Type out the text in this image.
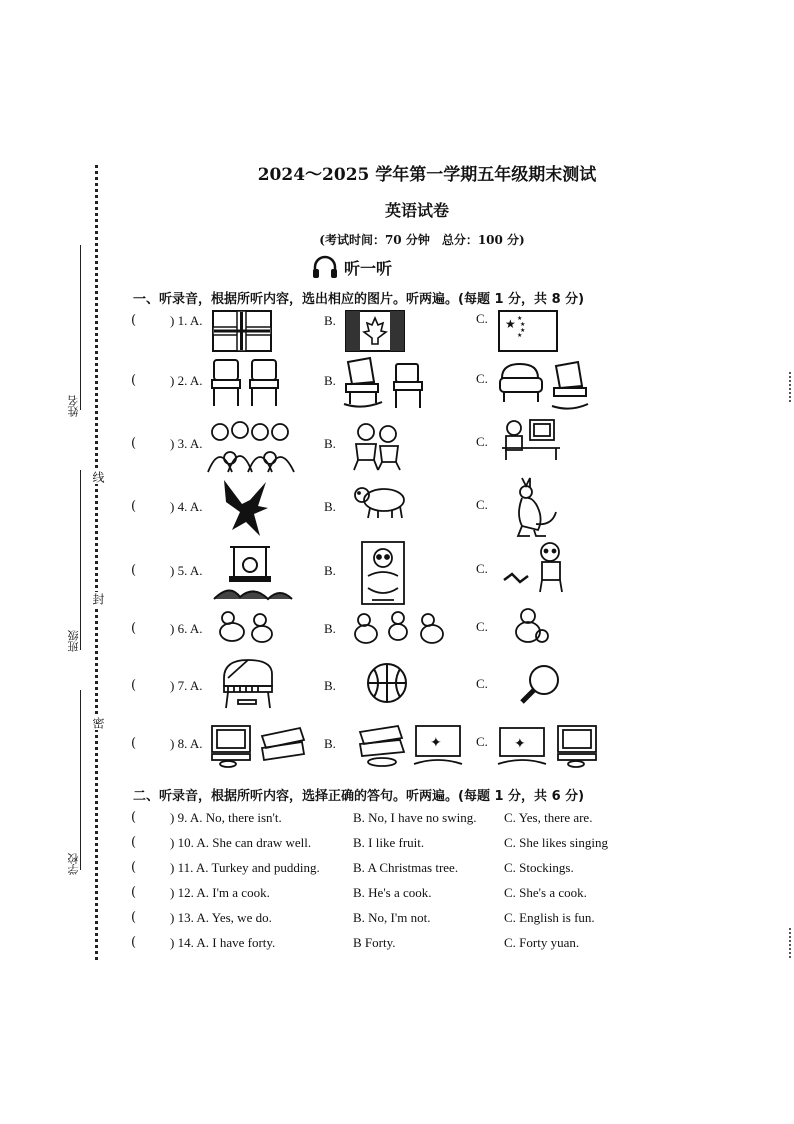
姓名
班级
学校
线
封
密
2024～2025 学年第一学期五年级期末测试
英语试卷
(考试时间：70 分钟　总分：100 分)
听一听
一、听录音，根据所听内容，选出相应的图片。听两遍。(每题 1 分，共 8 分)
(	) 1. A.	B.	C. ★ ★
★
★
★
(	) 2. A.	B.	C.
(	) 3. A.	B.	C.
(	) 4. A.	B.	C.
(	) 5. A.	B.	C.
(	) 6. A.	B.	C.
(	) 7. A.	B.	C.
(	) 8. A.	B.	✦	C. ✦
二、听录音，根据所听内容，选择正确的答句。听两遍。(每题 1 分，共 6 分)
(	) 9. A. No, there isn't.	B. No, I have no swing. C. Yes, there are.
(	) 10. A. She can draw well.	B. I like fruit.	C. She likes singing
(	) 11. A. Turkey and pudding.	B. A Christmas tree.	C. Stockings.
(	) 12. A. I'm a cook.	B. He's a cook.	C. She's a cook.
(	) 13. A. Yes, we do.	B. No, I'm not.	C. English is fun.
(	) 14. A. I have forty.	B Forty.	C. Forty yuan.
